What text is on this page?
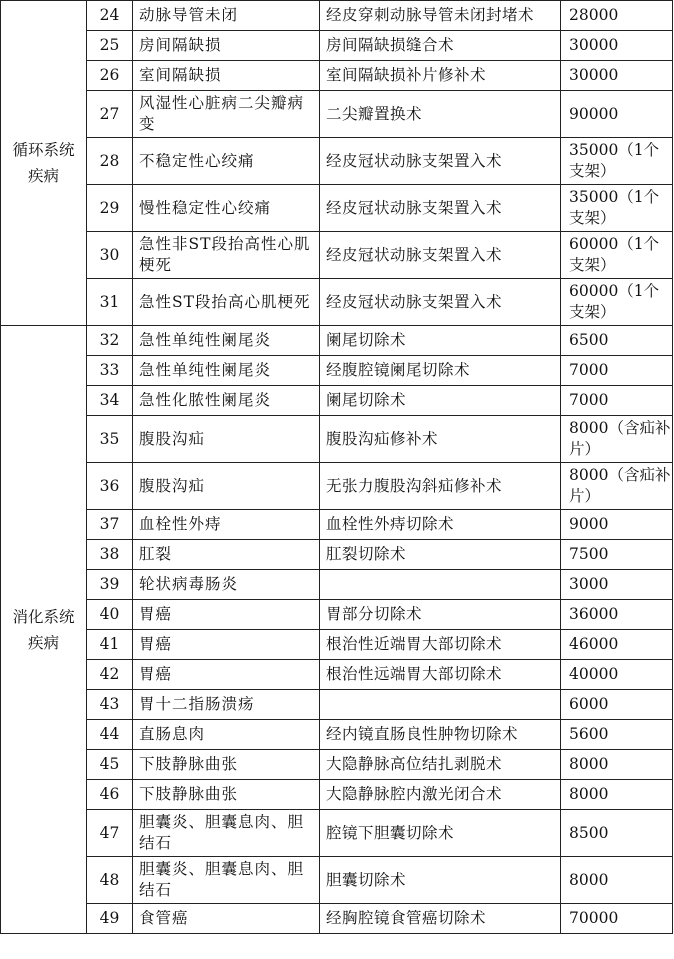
循环系统疾病	24	动脉导管未闭	经皮穿刺动脉导管未闭封堵术	28000
	25	房间隔缺损	房间隔缺损缝合术	30000
	26	室间隔缺损	室间隔缺损补片修补术	30000
	27	风湿性心脏病二尖瓣病变	二尖瓣置换术	90000
	28	不稳定性心绞痛	经皮冠状动脉支架置入术	35000（1个支架）
	29	慢性稳定性心绞痛	经皮冠状动脉支架置入术	35000（1个支架）
	30	急性非ST段抬高性心肌梗死	经皮冠状动脉支架置入术	60000（1个支架）
	31	急性ST段抬高心肌梗死	经皮冠状动脉支架置入术	60000（1个支架）
消化系统疾病	32	急性单纯性阑尾炎	阑尾切除术	6500
	33	急性单纯性阑尾炎	经腹腔镜阑尾切除术	7000
	34	急性化脓性阑尾炎	阑尾切除术	7000
	35	腹股沟疝	腹股沟疝修补术	8000（含疝补片）
	36	腹股沟疝	无张力腹股沟斜疝修补术	8000（含疝补片）
	37	血栓性外痔	血栓性外痔切除术	9000
	38	肛裂	肛裂切除术	7500
	39	轮状病毒肠炎		3000
	40	胃癌	胃部分切除术	36000
	41	胃癌	根治性近端胃大部切除术	46000
	42	胃癌	根治性远端胃大部切除术	40000
	43	胃十二指肠溃疡		6000
	44	直肠息肉	经内镜直肠良性肿物切除术	5600
	45	下肢静脉曲张	大隐静脉高位结扎剥脱术	8000
	46	下肢静脉曲张	大隐静脉腔内激光闭合术	8000
	47	胆囊炎、胆囊息肉、胆结石	腔镜下胆囊切除术	8500
	48	胆囊炎、胆囊息肉、胆结石	胆囊切除术	8000
	49	食管癌	经胸腔镜食管癌切除术	70000
